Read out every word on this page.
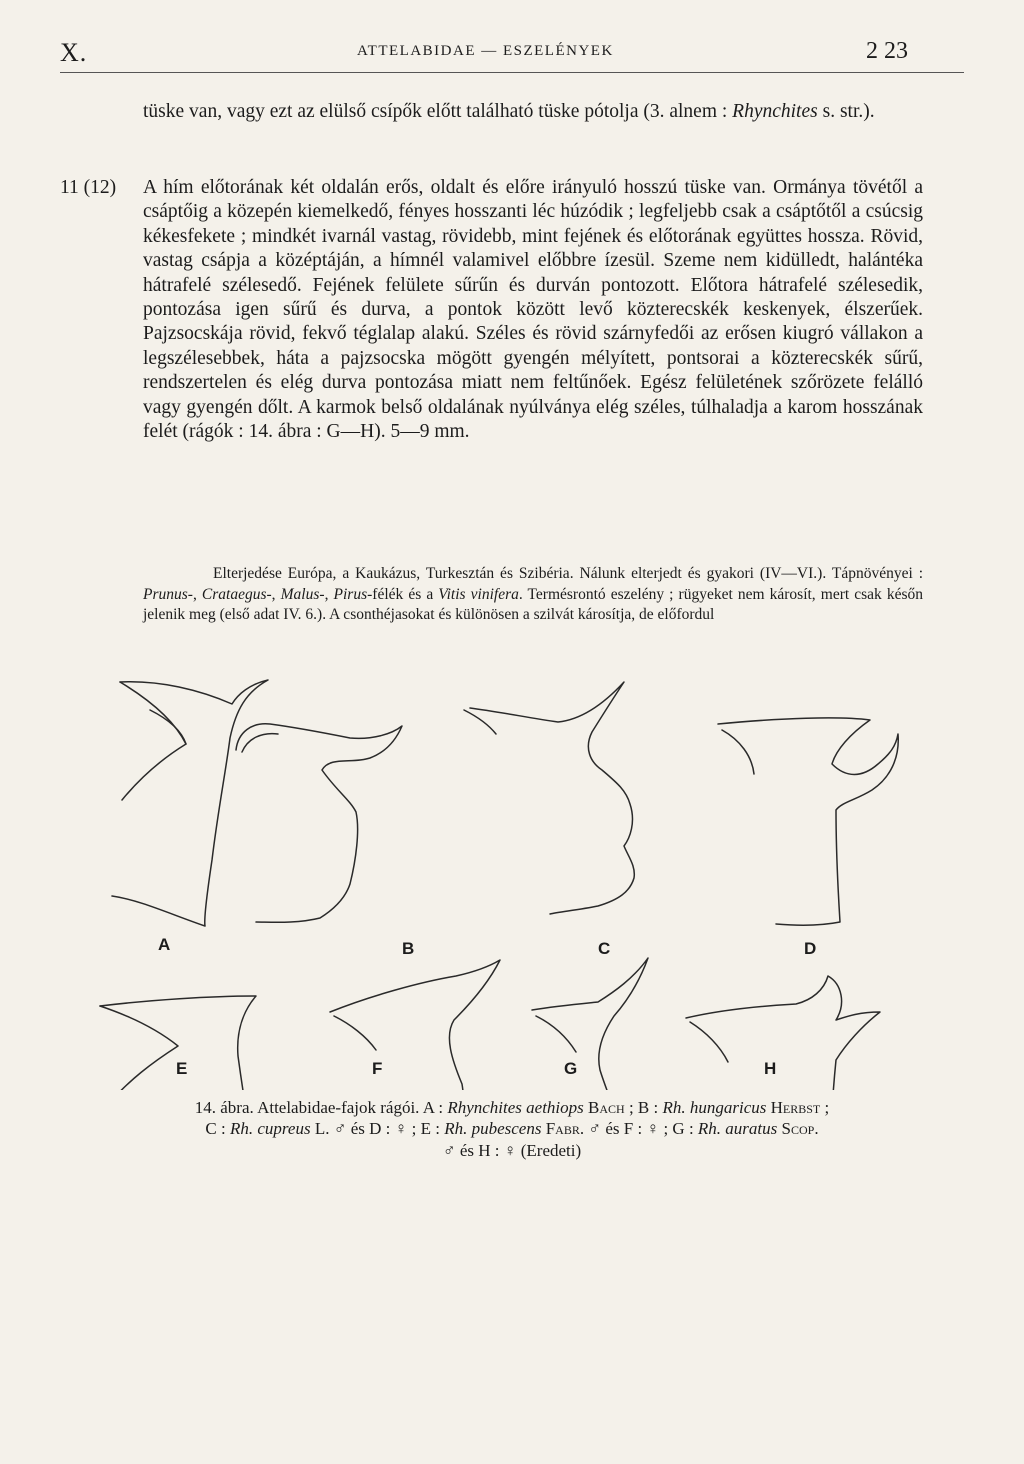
X.	ATTELABIDAE — ESZELÉNYEK	2 23
tüske van, vagy ezt az elülső csípők előtt található tüske pótolja (3. alnem : Rhynchites s. str.).
11 (12) A hím előtorának két oldalán erős, oldalt és előre irányuló hosszú tüske van. Ormánya tövétől a csáptőig a közepén kiemelkedő, fényes hosszanti léc húzódik ; legfeljebb csak a csáptőtől a csúcsig kékesfekete ; mindkét ivarnál vastag, rövidebb, mint fejének és előtorának együttes hossza. Rövid, vastag csápja a középtáján, a hímnél valamivel előbbre ízesül. Szeme nem kidülledt, halántéka hátrafelé szélesedő. Fejének felülete sűrűn és durván pontozott. Előtora hátrafelé szélesedik, pontozása igen sűrű és durva, a pontok között levő közterecskék keskenyek, élszerűek. Pajzsocskája rövid, fekvő téglalap alakú. Széles és rövid szárnyfedői az erősen kiugró vállakon a legszélesebbek, háta a pajzsocska mögött gyengén mélyített, pontsorai a közterecskék sűrű, rendszertelen és elég durva pontozása miatt nem feltűnőek. Egész felületének szőrözete felálló vagy gyengén dőlt. A karmok belső oldalának nyúlványa elég széles, túlhaladja a karom hosszának felét (rágók : 14. ábra : G—H). 5—9 mm.
Elterjedése Európa, a Kaukázus, Turkesztán és Szibéria. Nálunk elterjedt és gyakori (IV—VI.). Tápnövényei : Prunus-, Crataegus-, Malus-, Pirus-félék és a Vitis vinifera. Termésrontó eszelény ; rügyeket nem károsít, mert csak későn jelenik meg (első adat IV. 6.). A csonthéjasokat és különösen a szilvát károsítja, de előfordul
A	B	C	D
E	F	G	H
14. ábra. Attelabidae-fajok rágói. A : Rhynchites aethiops Bach ; B : Rh. hungaricus Herbst ;
C : Rh. cupreus L. ♂ és D : ♀ ; E : Rh. pubescens Fabr. ♂ és F : ♀ ; G : Rh. auratus Scop.
♂ és H : ♀ (Eredeti)
